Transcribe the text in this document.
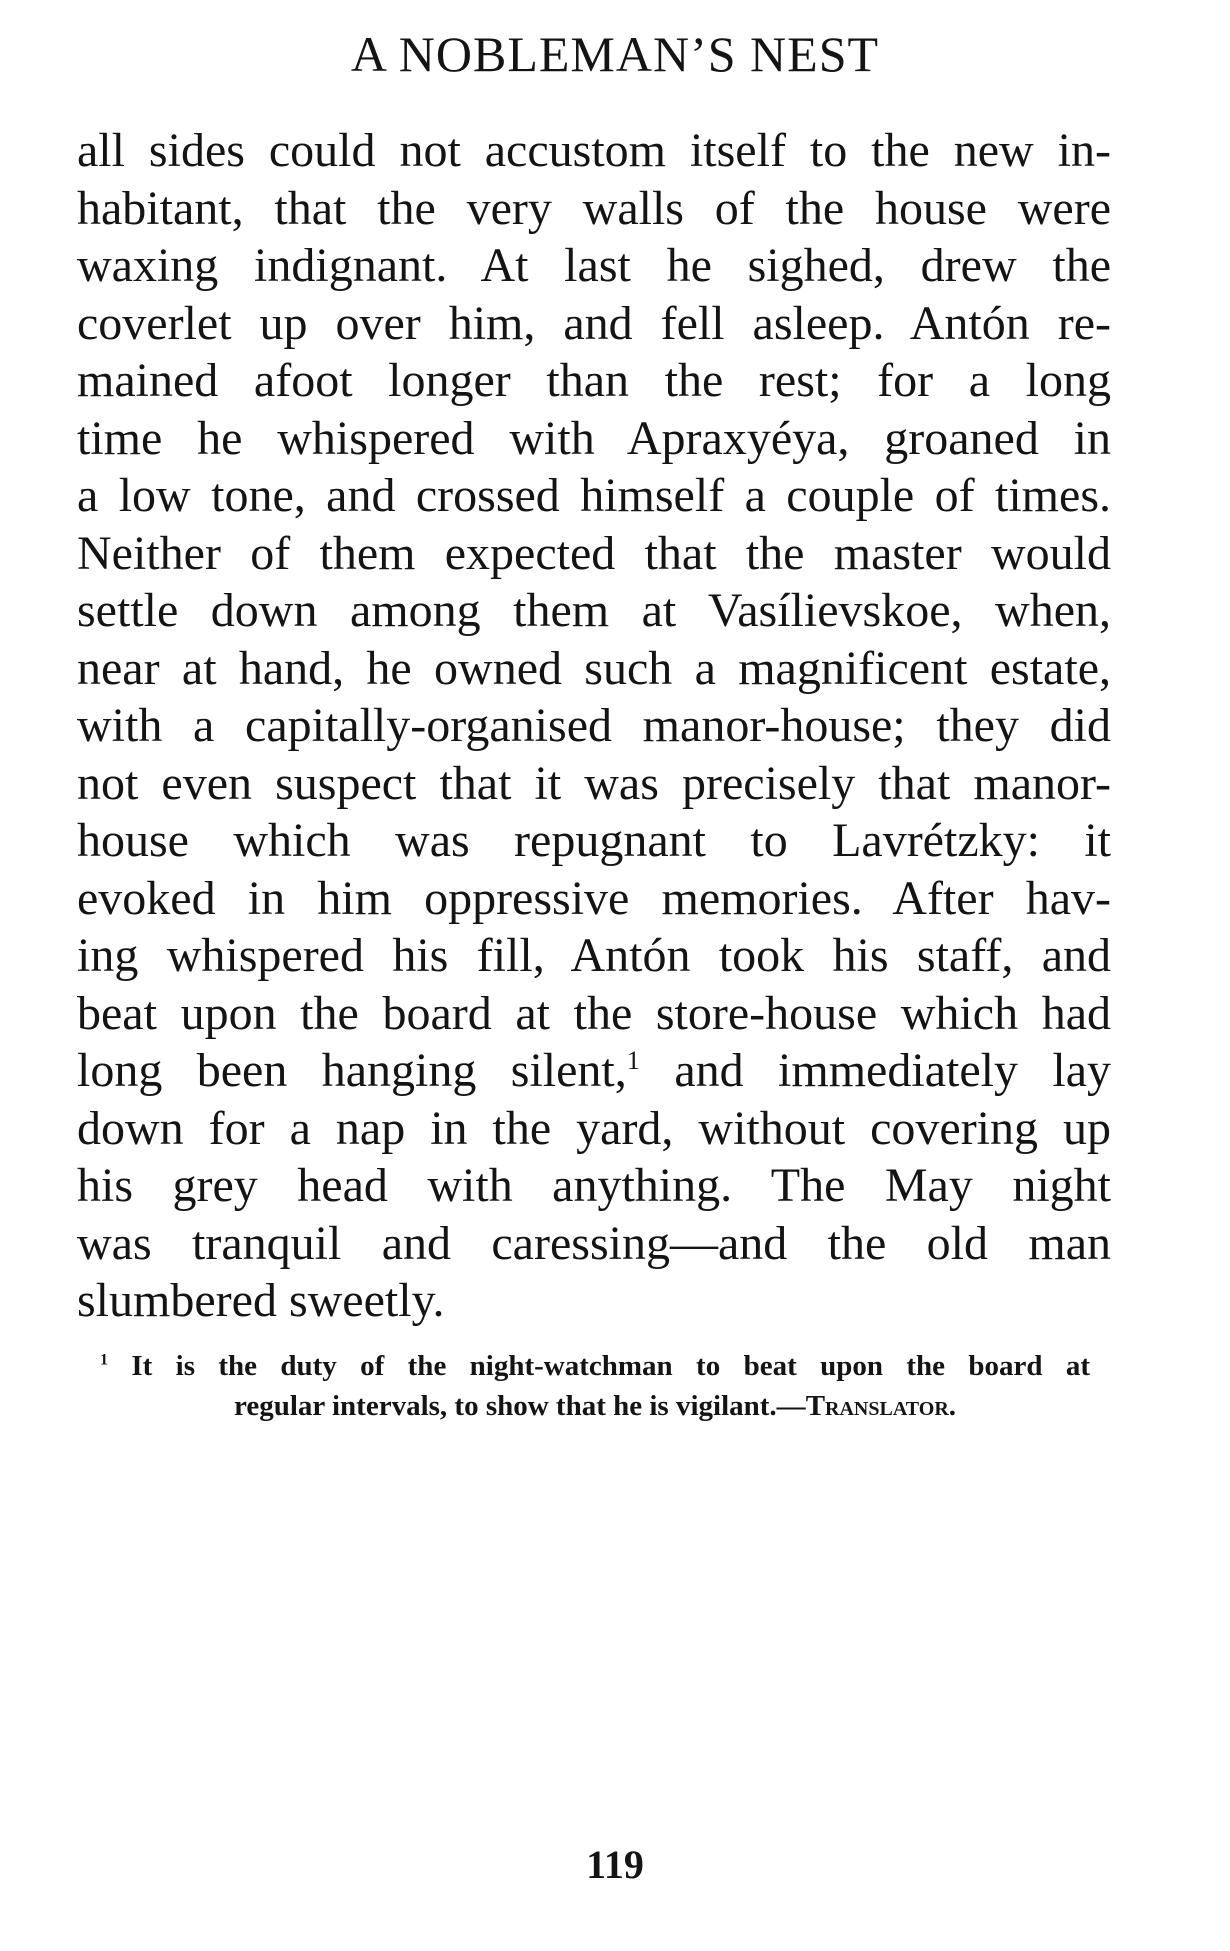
A NOBLEMAN’S NEST
all sides could not accustom itself to the new in-
habitant, that the very walls of the house were
waxing indignant. At last he sighed, drew the
coverlet up over him, and fell asleep. Antón re-
mained afoot longer than the rest; for a long
time he whispered with Apraxyéya, groaned in
a low tone, and crossed himself a couple of times.
Neither of them expected that the master would
settle down among them at Vasílievskoe, when,
near at hand, he owned such a magnificent estate,
with a capitally-organised manor-house; they did
not even suspect that it was precisely that manor-
house which was repugnant to Lavrétzky: it
evoked in him oppressive memories. After hav-
ing whispered his fill, Antón took his staff, and
beat upon the board at the store-house which had
long been hanging silent,$^1$ and immediately lay
down for a nap in the yard, without covering up
his grey head with anything. The May night
was tranquil and caressing—and the old man
slumbered sweetly.
$^1$ It is the duty of the night-watchman to beat upon the board at
regular intervals, to show that he is vigilant.—Translator.
119
